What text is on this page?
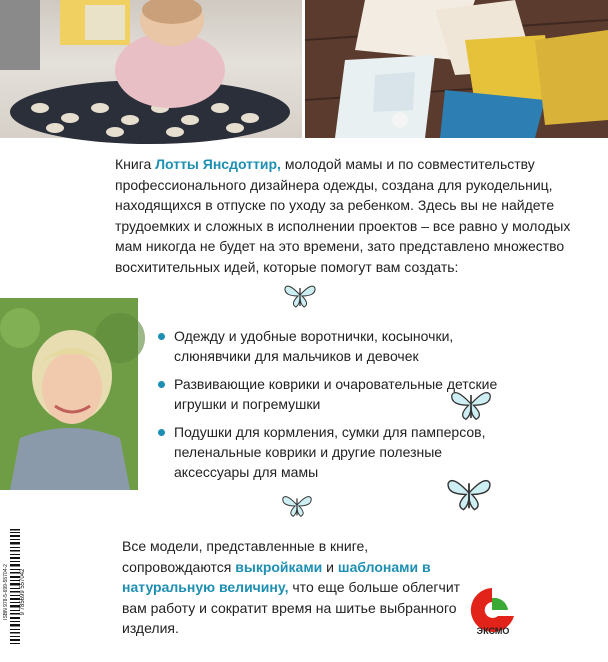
Книга Лотты Янсдоттир, молодой мамы и по совместительству профессионального дизайнера одежды, создана для рукодельниц, находящихся в отпуске по уходу за ребенком. Здесь вы не найдете трудоемких и сложных в исполнении проектов – все равно у молодых мам никогда не будет на это времени, зато представлено множество восхитительных идей, которые помогут вам создать:
Одежду и удобные воротнички, косыночки, слюнявчики для мальчиков и девочек
Развивающие коврики и очаровательные детские игрушки и погремушки
Подушки для кормления, сумки для памперсов, пеленальные коврики и другие полезные аксессуары для мамы
ISBN 978-5-699-55704-2 9 785699 557042
Все модели, представленные в книге, сопровождаются выкройками и шаблонами в натуральную величину, что еще больше облегчит вам работу и сократит время на шитье выбранного изделия.	ЭКСМО
